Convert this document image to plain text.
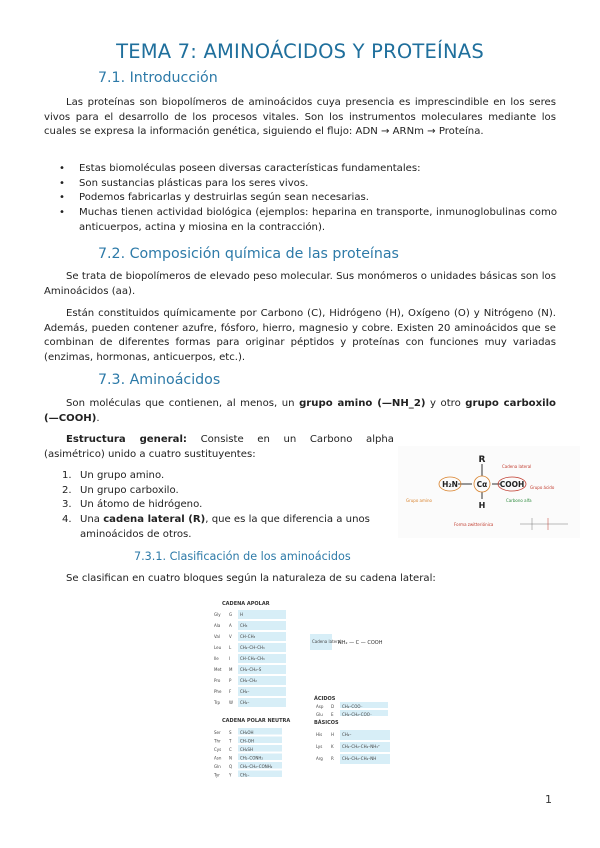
TEMA 7: AMINOÁCIDOS Y PROTEÍNAS
7.1. Introducción
Las proteínas son biopolímeros de aminoácidos cuya presencia es imprescindible en los seres vivos para el desarrollo de los procesos vitales. Son los instrumentos moleculares mediante los cuales se expresa la información genética, siguiendo el flujo: ADN → ARNm → Proteína.
• Estas biomoléculas poseen diversas características fundamentales:
• Son sustancias plásticas para los seres vivos.
• Podemos fabricarlas y destruirlas según sean necesarias.
• Muchas tienen actividad biológica (ejemplos: heparina en transporte, inmunoglobulinas como anticuerpos, actina y miosina en la contracción).
7.2. Composición química de las proteínas
Se trata de biopolímeros de elevado peso molecular. Sus monómeros o unidades básicas son los Aminoácidos (aa).
Están constituidos químicamente por Carbono (C), Hidrógeno (H), Oxígeno (O) y Nitrógeno (N). Además, pueden contener azufre, fósforo, hierro, magnesio y cobre. Existen 20 aminoácidos que se combinan de diferentes formas para originar péptidos y proteínas con funciones muy variadas (enzimas, hormonas, anticuerpos, etc.).
7.3. Aminoácidos
Son moléculas que contienen, al menos, un grupo amino (—NH_2) y otro grupo carboxilo (—COOH).
Estructura general: Consiste en un Carbono alpha (asimétrico) unido a cuatro sustituyentes:
1. Un grupo amino.
2. Un grupo carboxilo.
3. Un átomo de hidrógeno.
4. Una cadena lateral (R), que es la que diferencia a unos aminoácidos de otros.
R
H₂N Cα COOH
H
Cadena lateral
Grupo ácido
Grupo amino	Carbono alfa
Forma zwitteriónica
7.3.1. Clasificación de los aminoácidos
Se clasifican en cuatro bloques según la naturaleza de su cadena lateral:
CADENA APOLAR
Gly G H
Ala A CH₃
Val V CH–CH₃
Leu L CH₂–CH–CH₃
Ile	I CH–CH₂–CH₃
Met M CH₂–CH₂–S
Pro P CH₂–CH₂
Phe F CH₂–
Trp W CH₂–
CADENA POLAR NEUTRA
Ser S CH₂OH
Thr T CH–OH
Cys C CH₂SH
Asn N CH₂–CONH₂
Gln Q CH₂–CH₂–CONH₂
Tyr Y CH₂–
Cadena lateral
NH₂ — C — COOH
ÁCIDOS
Asp D CH₂–COO⁻
Glu E CH₂–CH₂–COO⁻
BÁSICOS
His H CH₂–
Lys K CH₂–CH₂–CH₂–NH₃⁺
Arg R CH₂–CH₂–CH₂–NH
1
